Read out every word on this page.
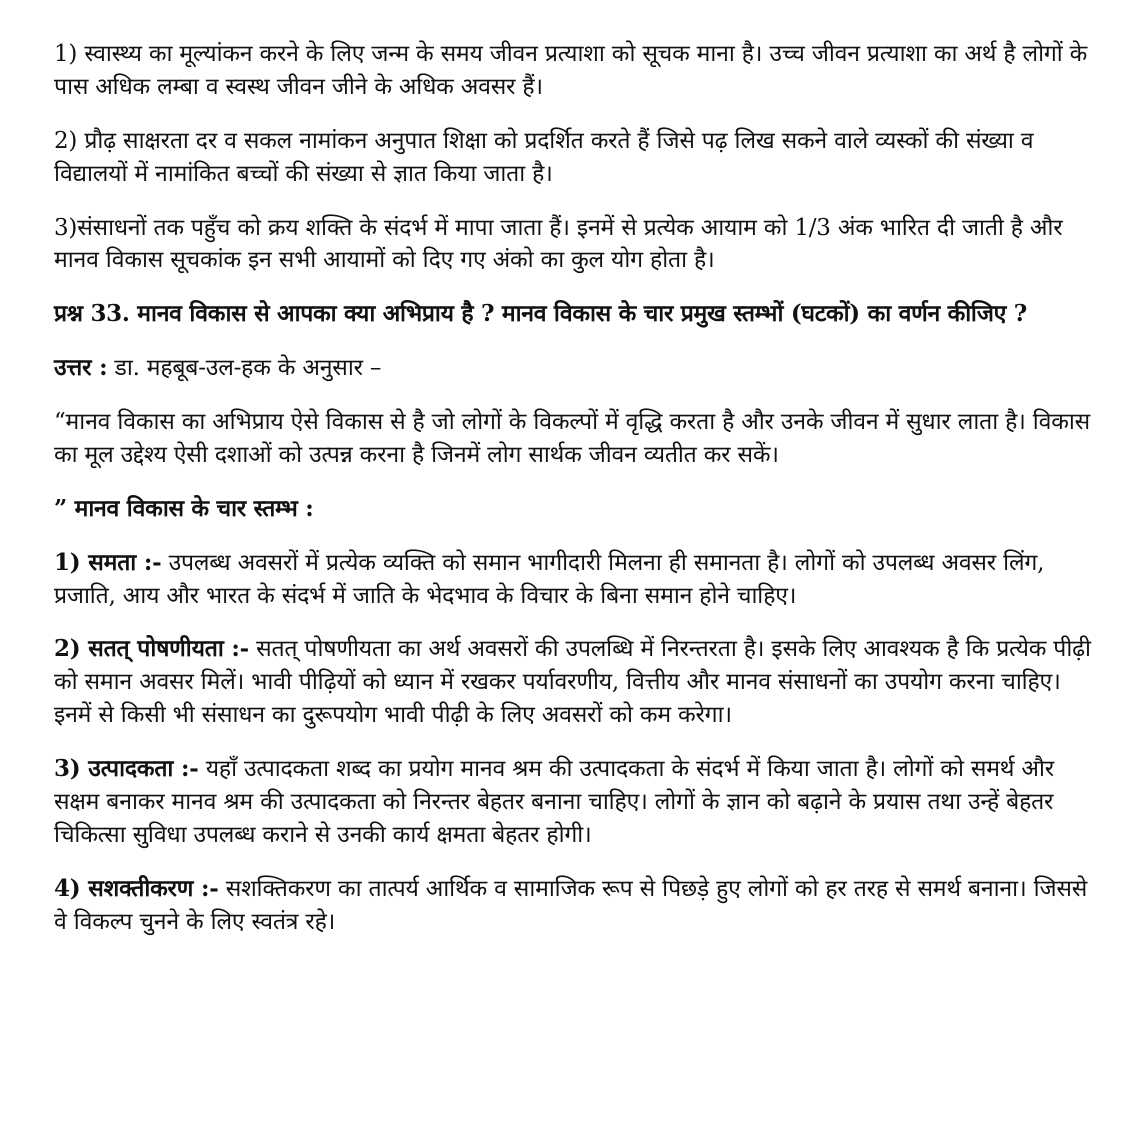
1) स्वास्थ्य का मूल्यांकन करने के लिए जन्म के समय जीवन प्रत्याशा को सूचक माना है। उच्च जीवन प्रत्याशा का अर्थ है लोगों के पास अधिक लम्बा व स्वस्थ जीवन जीने के अधिक अवसर हैं।

2) प्रौढ़ साक्षरता दर व सकल नामांकन अनुपात शिक्षा को प्रदर्शित करते हैं जिसे पढ़ लिख सकने वाले व्यस्कों की संख्या व विद्यालयों में नामांकित बच्चों की संख्या से ज्ञात किया जाता है।

3)संसाधनों तक पहुँच को क्रय शक्ति के संदर्भ में मापा जाता हैं। इनमें से प्रत्येक आयाम को 1/3 अंक भारित दी जाती है और मानव विकास सूचकांक इन सभी आयामों को दिए गए अंको का कुल योग होता है।

प्रश्न 33. मानव विकास से आपका क्या अभिप्राय है ? मानव विकास के चार प्रमुख स्तम्भों (घटकों) का वर्णन कीजिए ?

उत्तर : डा. महबूब-उल-हक के अनुसार –

“मानव विकास का अभिप्राय ऐसे विकास से है जो लोगों के विकल्पों में वृद्धि करता है और उनके जीवन में सुधार लाता है। विकास का मूल उद्देश्य ऐसी दशाओं को उत्पन्न करना है जिनमें लोग सार्थक जीवन व्यतीत कर सकें।

” मानव विकास के चार स्तम्भ :

1) समता :- उपलब्ध अवसरों में प्रत्येक व्यक्ति को समान भागीदारी मिलना ही समानता है। लोगों को उपलब्ध अवसर लिंग, प्रजाति, आय और भारत के संदर्भ में जाति के भेदभाव के विचार के बिना समान होने चाहिए।

2) सतत् पोषणीयता :- सतत् पोषणीयता का अर्थ अवसरों की उपलब्धि में निरन्तरता है। इसके लिए आवश्यक है कि प्रत्येक पीढ़ी को समान अवसर मिलें। भावी पीढ़ियों को ध्यान में रखकर पर्यावरणीय, वित्तीय और मानव संसाधनों का उपयोग करना चाहिए। इनमें से किसी भी संसाधन का दुरूपयोग भावी पीढ़ी के लिए अवसरों को कम करेगा।

3) उत्पादकता :- यहाँ उत्पादकता शब्द का प्रयोग मानव श्रम की उत्पादकता के संदर्भ में किया जाता है। लोगों को समर्थ और सक्षम बनाकर मानव श्रम की उत्पादकता को निरन्तर बेहतर बनाना चाहिए। लोगों के ज्ञान को बढ़ाने के प्रयास तथा उन्हें बेहतर चिकित्सा सुविधा उपलब्ध कराने से उनकी कार्य क्षमता बेहतर होगी।

4) सशक्तीकरण :- सशक्तिकरण का तात्पर्य आर्थिक व सामाजिक रूप से पिछड़े हुए लोगों को हर तरह से समर्थ बनाना। जिससे वे विकल्प चुनने के लिए स्वतंत्र रहे।
